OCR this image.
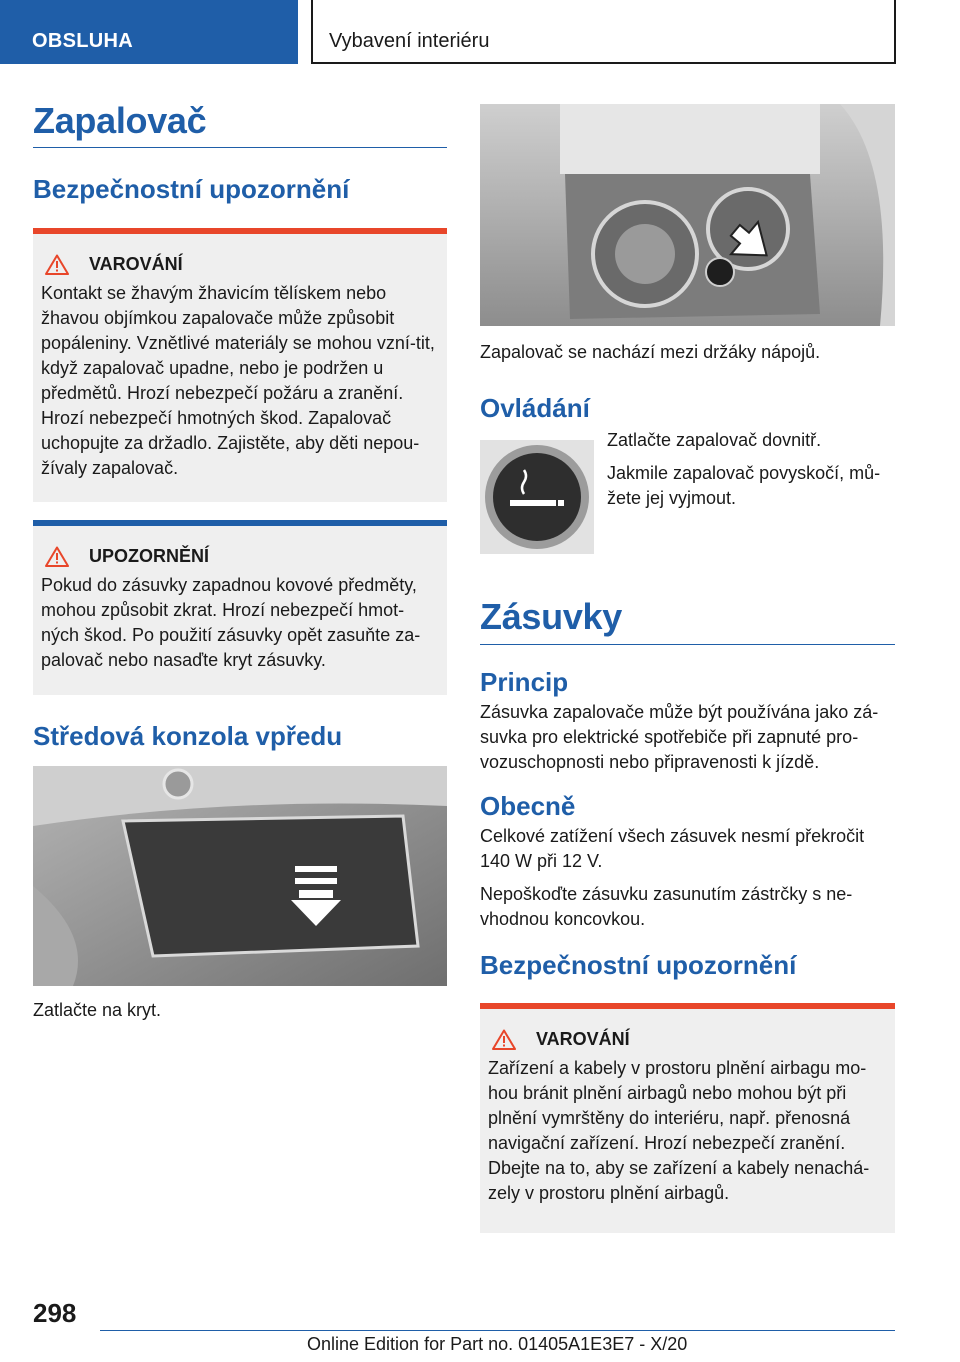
OBSLUHA	Vybavení interiéru
Zapalovač
Bezpečnostní upozornění
VAROVÁNÍ

Kontakt se žhavým žhavicím tělískem nebo žhavou objímkou zapalovače může způsobit popáleniny. Vznětlivé materiály se mohou vzní-tit, když zapalovač upadne, nebo je podržen u předmětů. Hrozí nebezpečí požáru a zranění. Hrozí nebezpečí hmotných škod. Zapalovač uchopujte za držadlo. Zajistěte, aby děti nepou-žívaly zapalovač.

UPOZORNĚNÍ

Pokud do zásuvky zapadnou kovové předměty, mohou způsobit zkrat. Hrozí nebezpečí hmot-ných škod. Po použití zásuvky opět zasuňte za-palovač nebo nasaďte kryt zásuvky.

Středová konzola vpředu

Zatlačte na kryt.

Zapalovač se nachází mezi držáky nápojů.

Ovládání

Zatlačte zapalovač dovnitř.

Jakmile zapalovač povyskočí, mů-žete jej vyjmout.

Zásuvky
Princip

Zásuvka zapalovače může být používána jako zá-suvka pro elektrické spotřebiče při zapnuté pro-vozuschopnosti nebo připravenosti k jízdě.

Obecně

Celkové zatížení všech zásuvek nesmí překročit 140 W při 12 V.

Nepoškoďte zásuvku zasunutím zástrčky s ne-vhodnou koncovkou.

Bezpečnostní upozornění
VAROVÁNÍ

Zařízení a kabely v prostoru plnění airbagu mo-hou bránit plnění airbagů nebo mohou být při plnění vymrštěny do interiéru, např. přenosná navigační zařízení. Hrozí nebezpečí zranění. Dbejte na to, aby se zařízení a kabely nenachá-zely v prostoru plnění airbagů.

298
Online Edition for Part no. 01405A1E3E7 - X/20
